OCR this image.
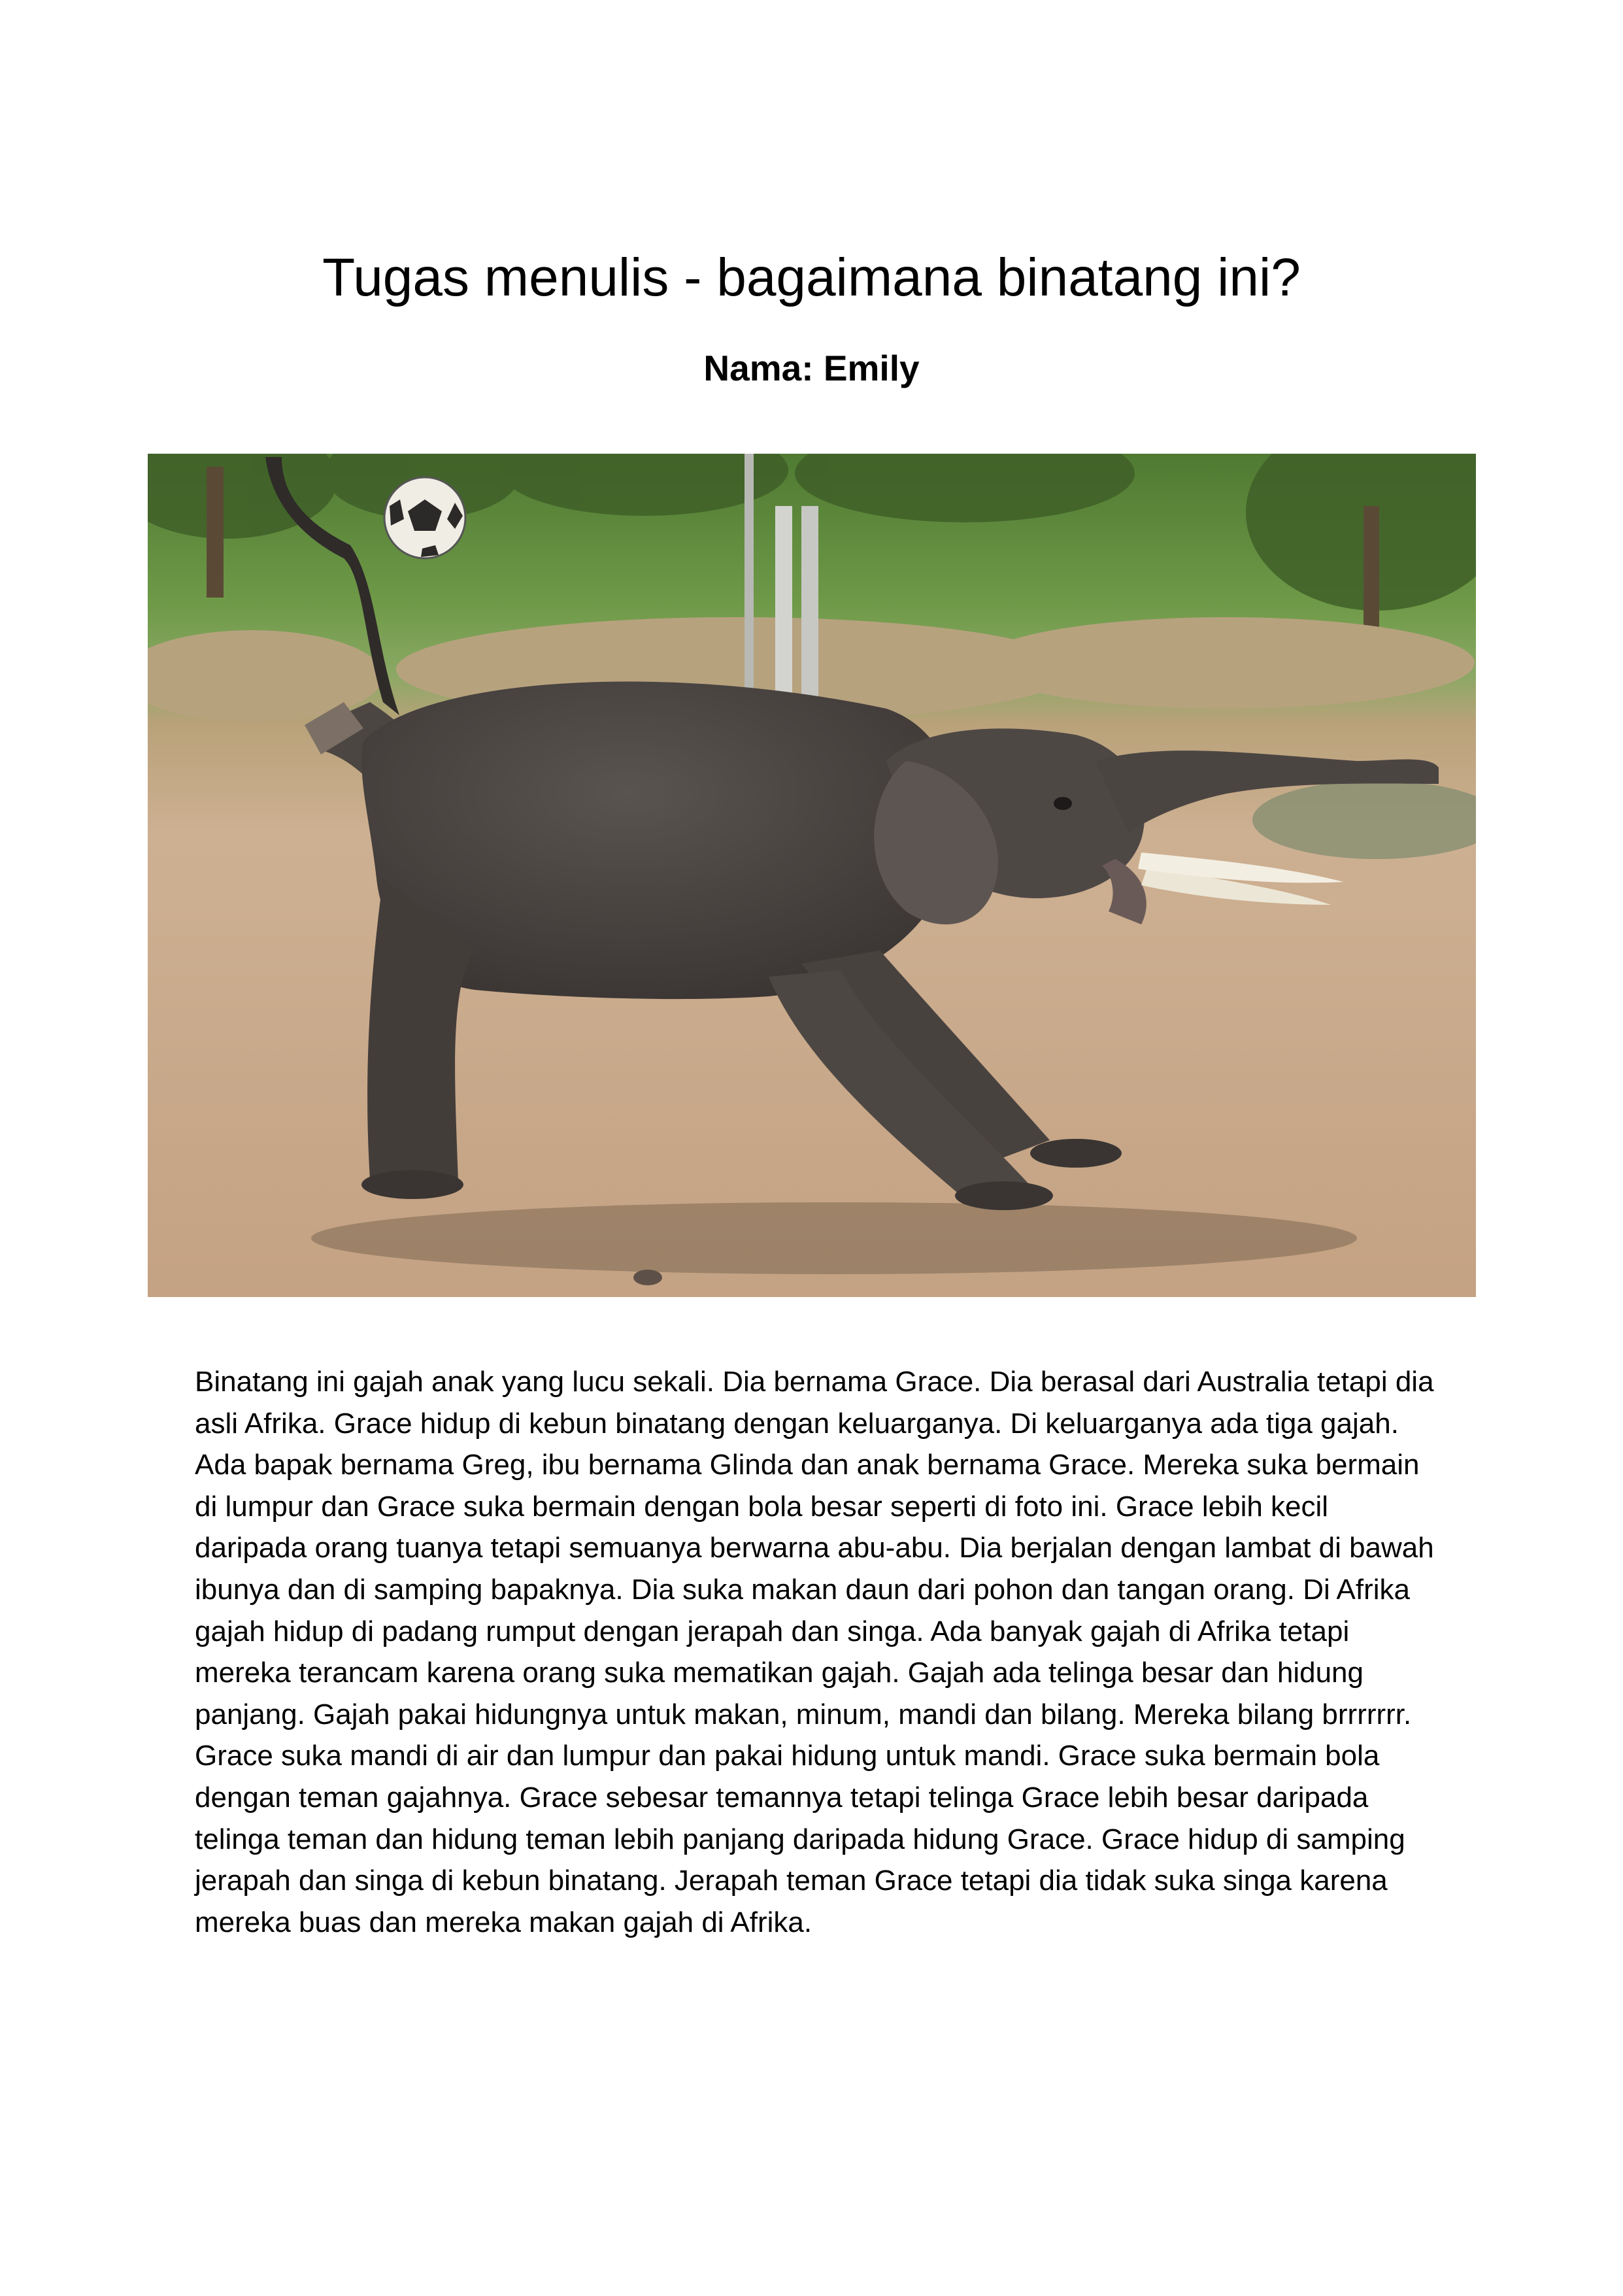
Tugas menulis - bagaimana binatang ini?

Nama: Emily

Binatang ini gajah anak yang lucu sekali. Dia bernama Grace. Dia berasal dari Australia tetapi dia asli Afrika. Grace hidup di kebun binatang dengan keluarganya. Di keluarganya ada tiga gajah. Ada bapak bernama Greg, ibu bernama Glinda dan anak bernama Grace. Mereka suka bermain di lumpur dan Grace suka bermain dengan bola besar seperti di foto ini. Grace lebih kecil daripada orang tuanya tetapi semuanya berwarna abu-abu. Dia berjalan dengan lambat di bawah ibunya dan di samping bapaknya. Dia suka makan daun dari pohon dan tangan orang. Di Afrika gajah hidup di padang rumput dengan jerapah dan singa. Ada banyak gajah di Afrika tetapi mereka terancam karena orang suka mematikan gajah. Gajah ada telinga besar dan hidung panjang. Gajah pakai hidungnya untuk makan, minum, mandi dan bilang. Mereka bilang brrrrrrr. Grace suka mandi di air dan lumpur dan pakai hidung untuk mandi. Grace suka bermain bola dengan teman gajahnya. Grace sebesar temannya tetapi telinga Grace lebih besar daripada telinga teman dan hidung teman lebih panjang daripada hidung Grace. Grace hidup di samping jerapah dan singa di kebun binatang. Jerapah teman Grace tetapi dia tidak suka singa karena mereka buas dan mereka makan gajah di Afrika.
